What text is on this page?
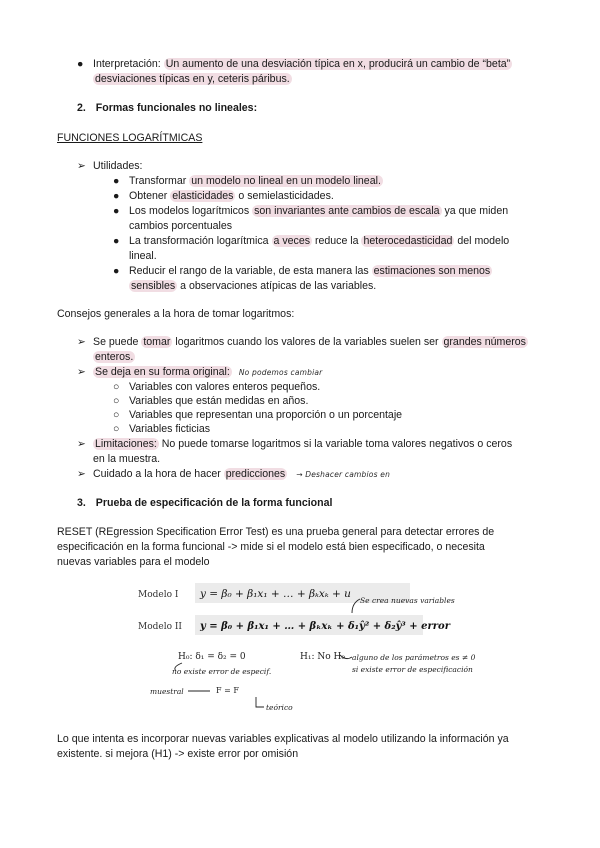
● Interpretación: Un aumento de una desviación típica en x, producirá un cambio de “beta”
desviaciones típicas en y, ceteris páribus.
2. Formas funcionales no lineales:
FUNCIONES LOGARÍTMICAS
➢ Utilidades:
● Transformar un modelo no lineal en un modelo lineal.
● Obtener elasticidades o semielasticidades.
● Los modelos logarítmicos son invariantes ante cambios de escala ya que miden
cambios porcentuales
● La transformación logarítmica a veces reduce la heterocedasticidad del modelo
lineal.
● Reducir el rango de la variable, de esta manera las estimaciones son menos
sensibles a observaciones atípicas de las variables.
Consejos generales a la hora de tomar logaritmos:
➢ Se puede tomar logaritmos cuando los valores de la variables suelen ser grandes números
enteros.
➢ Se deja en su forma original: No podemos cambiar
○ Variables con valores enteros pequeños.
○ Variables que están medidas en años.
○ Variables que representan una proporción o un porcentaje
○ Variables ficticias
➢ Limitaciones: No puede tomarse logaritmos si la variable toma valores negativos o ceros
en la muestra.
➢ Cuidado a la hora de hacer predicciones → Deshacer cambios en
3. Prueba de especificación de la forma funcional
RESET (REgression Specification Error Test) es una prueba general para detectar errores de
especificación en la forma funcional -> mide si el modelo está bien especificado, o necesita
nuevas variables para el modelo
Modelo I
Modelo II
y = β₀ + β₁x₁ + … + βₖxₖ + u
y = β₀ + β₁x₁ + … + βₖxₖ + δ₁ŷ² + δ₂ŷ³ + error
Se crea nuevas variables
H₀: δ₁ = δ₂ = 0	H₁: No H₀
no existe error de especif.
alguno de los parámetros es ≠ 0
si existe error de especificación
F = F
muestral
teórico
Lo que intenta es incorporar nuevas variables explicativas al modelo utilizando la información ya
existente. si mejora (H1) -> existe error por omisión
